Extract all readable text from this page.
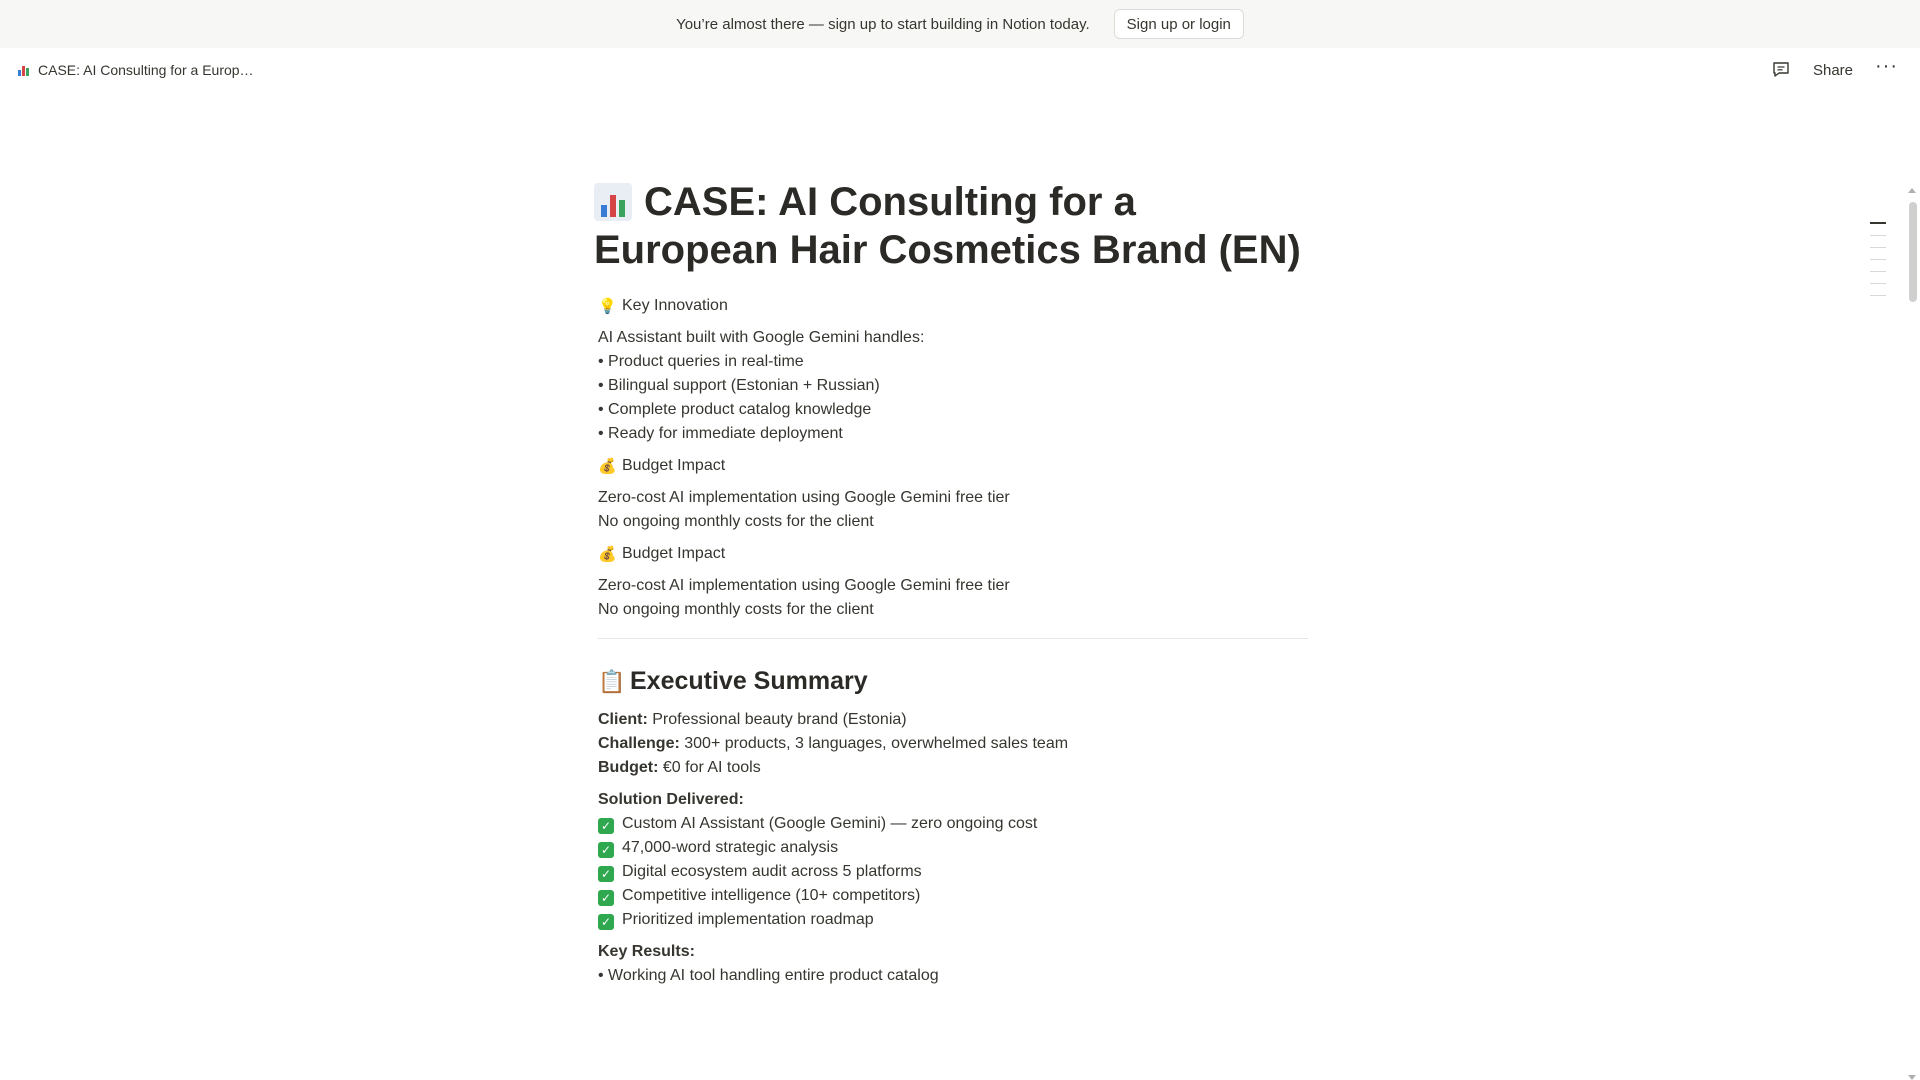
You’re almost there — sign up to start building in Notion today.	Sign up or login
CASE: AI Consulting for a Europ…	Share ···
CASE: AI Consulting for a European Hair Cosmetics Brand (EN)
💡 Key Innovation
AI Assistant built with Google Gemini handles:
• Product queries in real-time
• Bilingual support (Estonian + Russian)
• Complete product catalog knowledge
• Ready for immediate deployment
💰 Budget Impact
Zero-cost AI implementation using Google Gemini free tier
No ongoing monthly costs for the client
💰 Budget Impact
Zero-cost AI implementation using Google Gemini free tier
No ongoing monthly costs for the client
📋 Executive Summary
Client: Professional beauty brand (Estonia)
Challenge: 300+ products, 3 languages, overwhelmed sales team
Budget: €0 for AI tools
Solution Delivered:
✓ Custom AI Assistant (Google Gemini) — zero ongoing cost
✓ 47,000-word strategic analysis
✓ Digital ecosystem audit across 5 platforms
✓ Competitive intelligence (10+ competitors)
✓ Prioritized implementation roadmap
Key Results:
• Working AI tool handling entire product catalog
